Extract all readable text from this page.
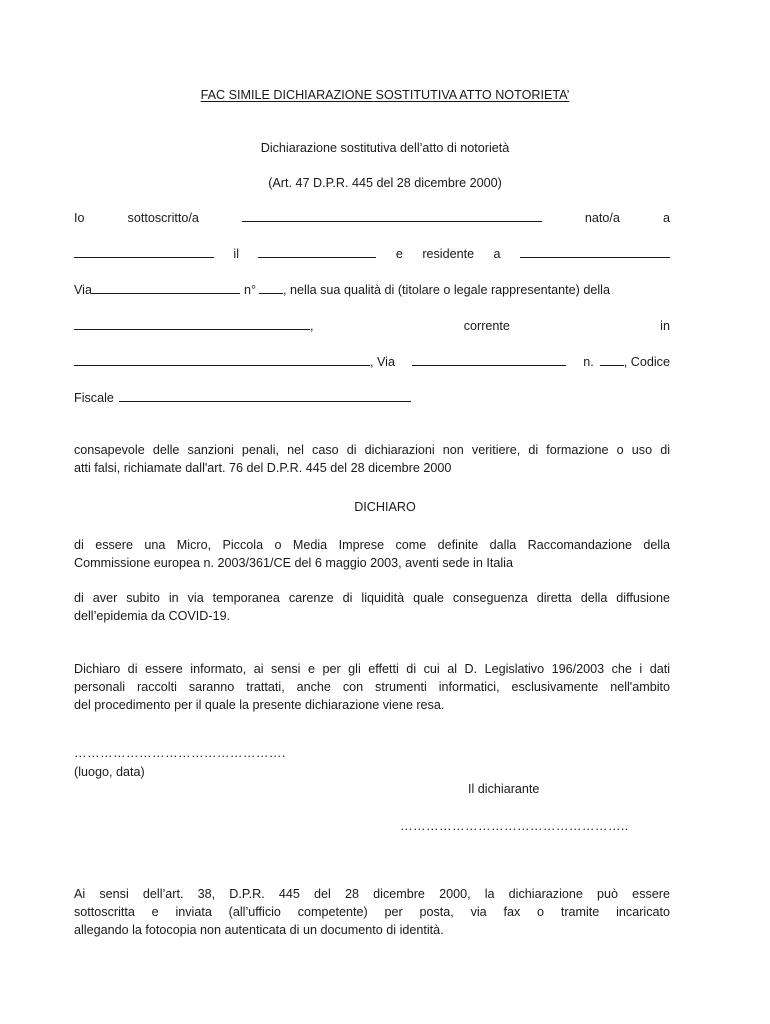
FAC SIMILE DICHIARAZIONE SOSTITUTIVA ATTO NOTORIETA’
Dichiarazione sostitutiva dell’atto di notorietà
(Art. 47 D.P.R. 445 del 28 dicembre 2000)
Io	sottoscritto/a	nato/a	a
il	e residente a
Via	n° , nella sua qualità di (titolare o legale rappresentante) della
,	corrente	in
, Via	n. , Codice
Fiscale
consapevole delle sanzioni penali, nel caso di dichiarazioni non veritiere, di formazione o uso di
atti falsi, richiamate dall'art. 76 del D.P.R. 445 del 28 dicembre 2000
DICHIARO
di essere una Micro, Piccola o Media Imprese come definite dalla Raccomandazione della
Commissione europea n. 2003/361/CE del 6 maggio 2003, aventi sede in Italia
di aver subito in via temporanea carenze di liquidità quale conseguenza diretta della diffusione
dell’epidemia da COVID-19.
Dichiaro di essere informato, ai sensi e per gli effetti di cui al D. Legislativo 196/2003 che i dati
personali raccolti saranno trattati, anche con strumenti informatici, esclusivamente nell'ambito
del procedimento per il quale la presente dichiarazione viene resa.
………………………………………….
(luogo, data)
Il dichiarante
……………………………………………..
Ai sensi dell’art. 38, D.P.R. 445 del 28 dicembre 2000, la dichiarazione può essere
sottoscritta e inviata (all’ufficio competente) per posta, via fax o tramite incaricato
allegando la fotocopia non autenticata di un documento di identità.
